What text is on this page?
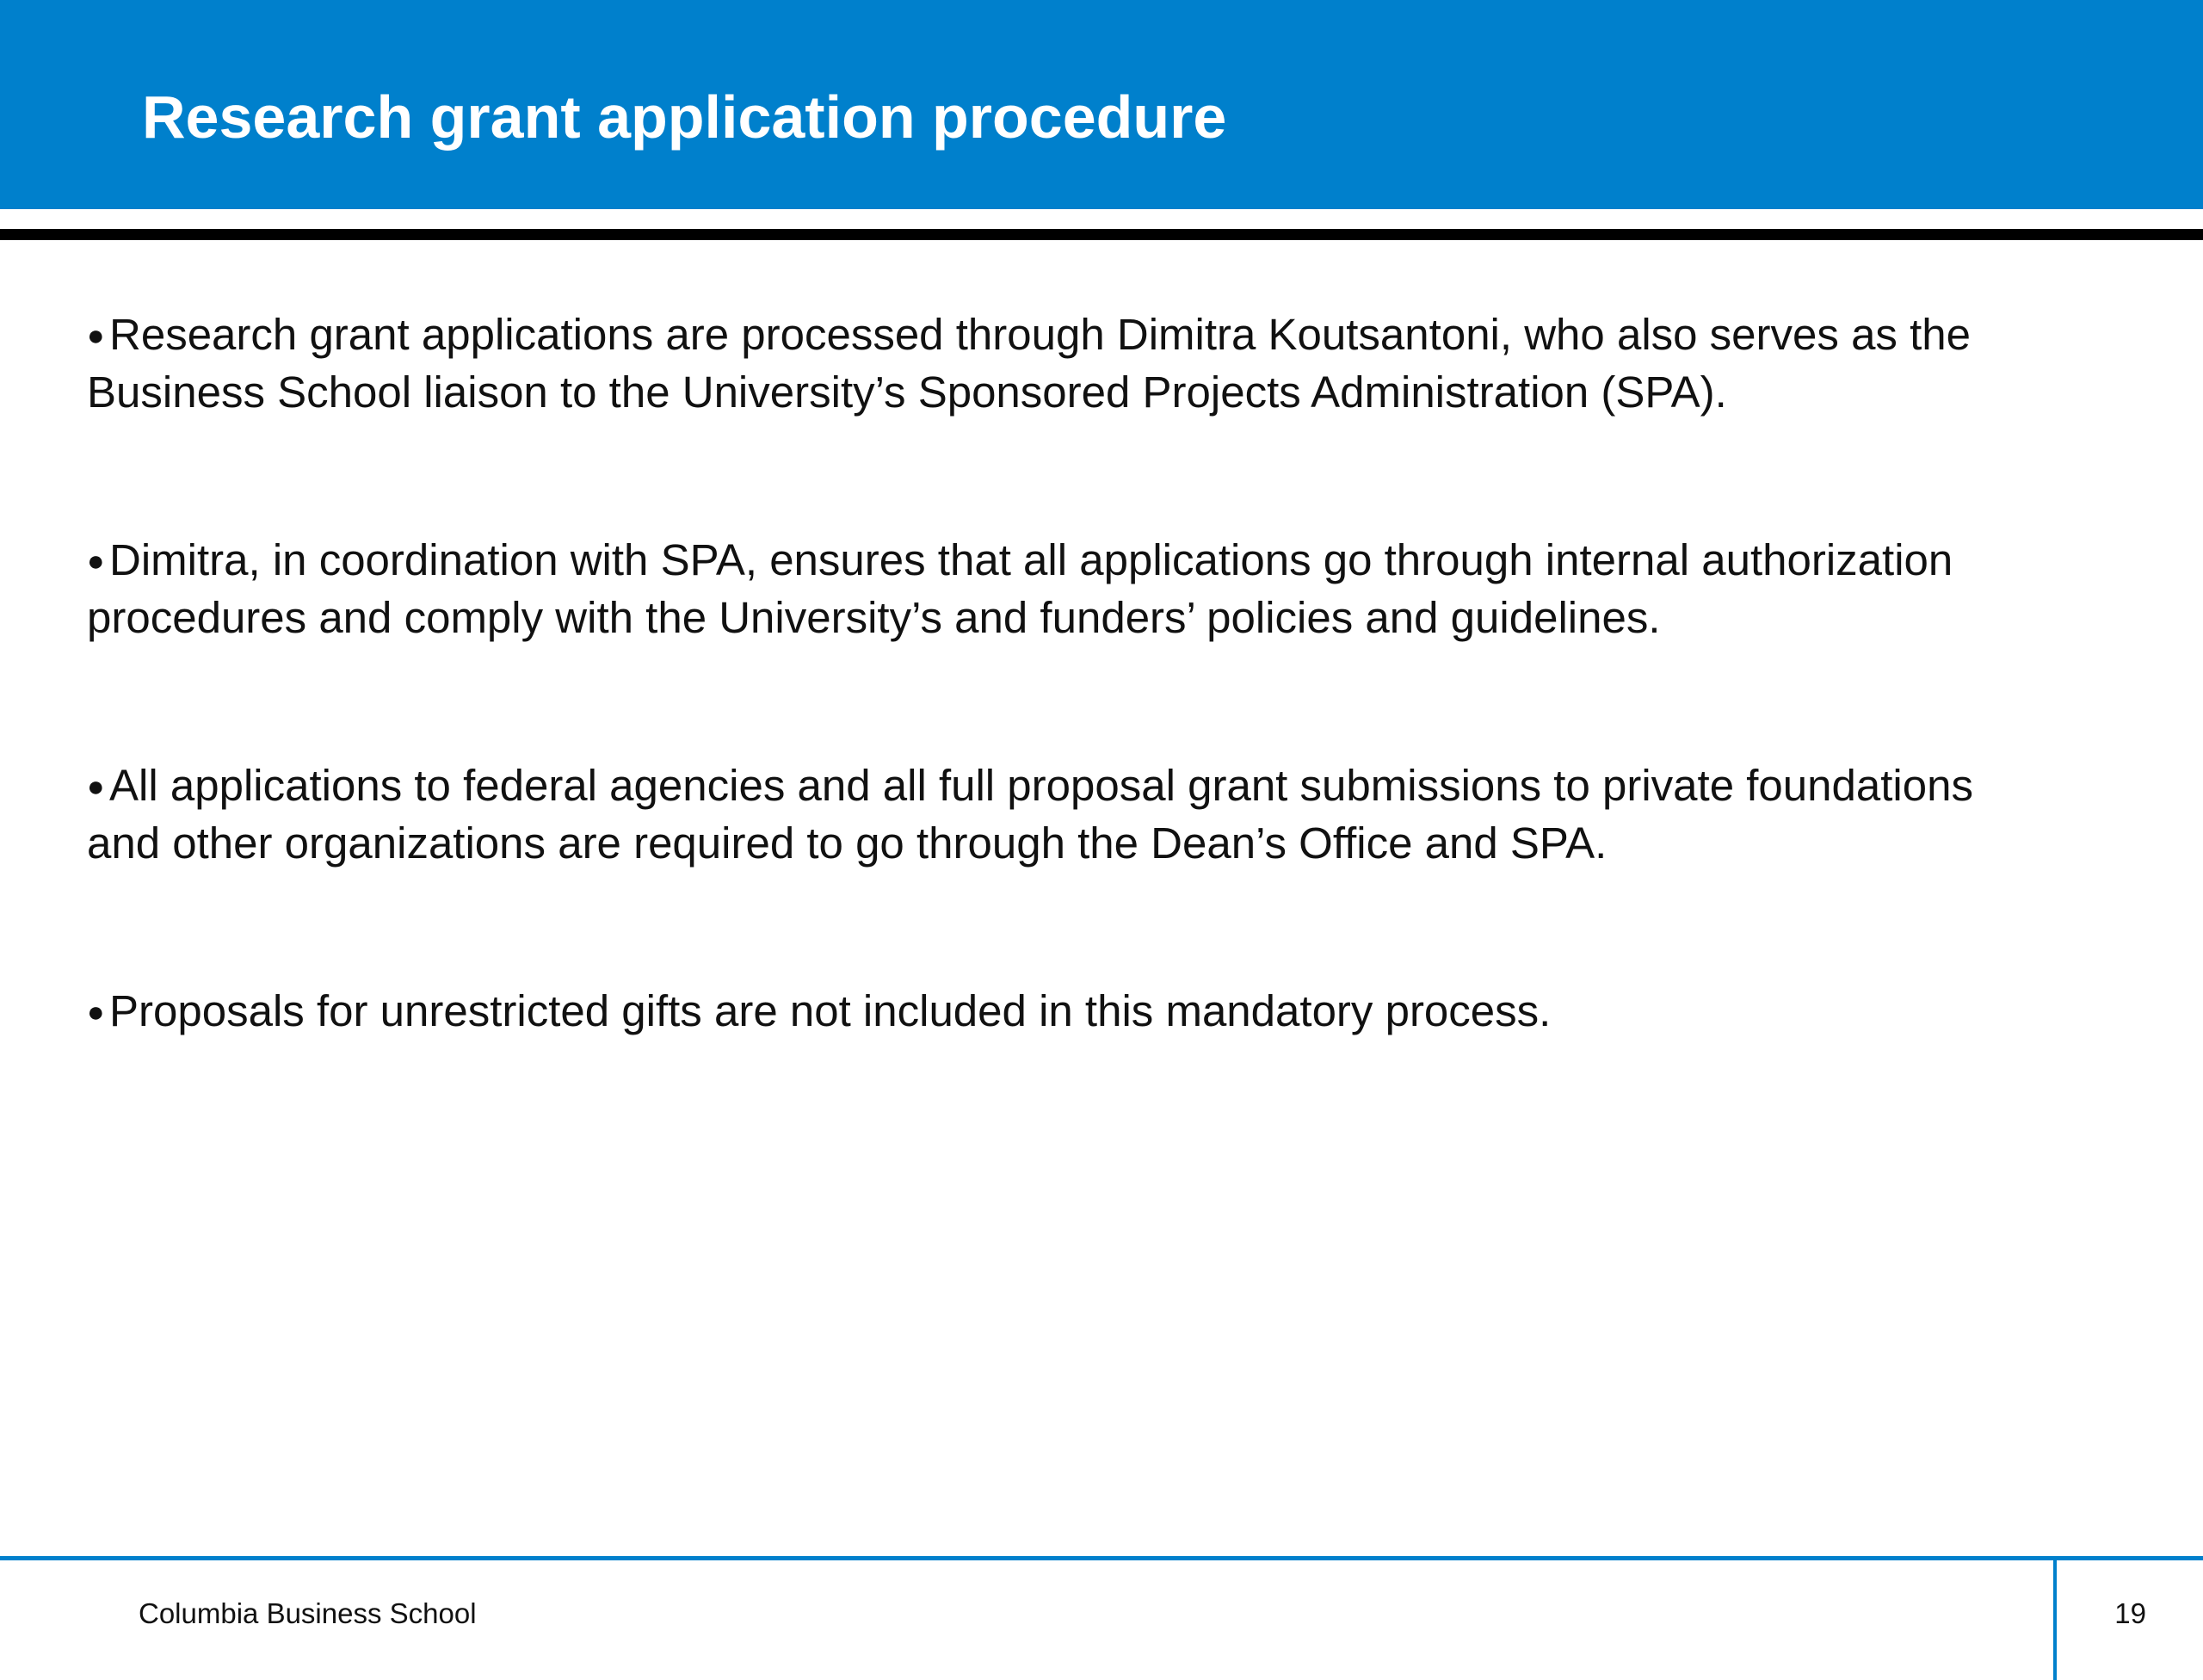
Research grant application procedure
● Research grant applications are processed through Dimitra Koutsantoni, who also serves as the Business School liaison to the University’s Sponsored Projects Administration (SPA).
● Dimitra, in coordination with SPA, ensures that all applications go through internal authorization procedures and comply with the University’s and funders’ policies and guidelines.
● All applications to federal agencies and all full proposal grant submissions to private foundations and other organizations are required to go through the Dean’s Office and SPA.
● Proposals for unrestricted gifts are not included in this mandatory process.
Columbia Business School	19
